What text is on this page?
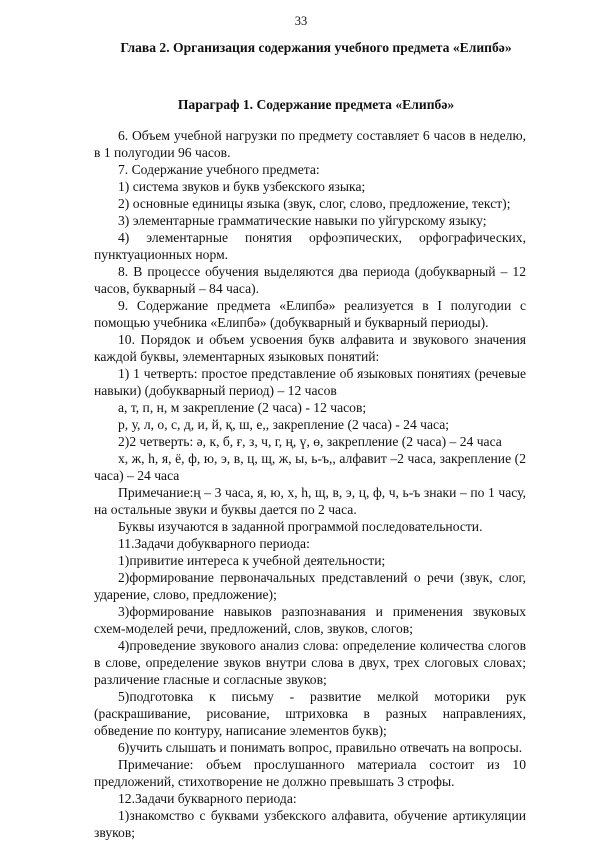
33
Глава 2. Организация содержания учебного предмета «Елипбә»
Параграф 1. Содержание предмета «Елипбә»

6. Объем учебной нагрузки по предмету составляет 6 часов в неделю, в 1 полугодии 96 часов.

7. Содержание учебного предмета:

1) система звуков и букв узбекского языка;

2) основные единицы языка (звук, слог, слово, предложение, текст);

3) элементарные грамматические навыки по уйгурскому языку;

4) элементарные понятия орфоэпических, орфографических, пунктуационных норм.

8. В процессе обучения выделяются два периода (добукварный – 12 часов, букварный – 84 часа).

9. Содержание предмета «Елипбә» реализуется в I полугодии с помощью учебника «Елипбә» (добукварный и букварный периоды).

10. Порядок и объем усвоения букв алфавита и звукового значения каждой буквы, элементарных языковых понятий:

1) 1 четверть: простое представление об языковых понятиях (речевые навыки) (добукварный период) – 12 часов

а, т, п, н, м закрепление (2 часа) - 12 часов;

р, у, л, о, с, д, и, й, қ, ш, е,, закрепление (2 часа) - 24 часа;

2)2 четверть: ә, к, б, ғ, з, ч, г, ң, ү, ө, закрепление (2 часа) – 24 часа

х, ж, һ, я, ё, ф, ю, э, в, ц, щ, ж, ы, ь-ъ,, алфавит –2 часа, закрепление (2 часа) – 24 часа

Примечание:ң – 3 часа, я, ю, х, һ, щ, в, э, ц, ф, ч, ь-ъ знаки – по 1 часу, на остальные звуки и буквы дается по 2 часа.

Буквы изучаются в заданной программой последовательности.

11.Задачи добукварного периода:

1)привитие интереса к учебной деятельности;

2)формирование первоначальных представлений о речи (звук, слог, ударение, слово, предложение);

3)формирование навыков разпознавания и применения звуковых схем-моделей речи, предложений, слов, звуков, слогов;

4)проведение звукового анализ слова: определение количества слогов в слове, определение звуков внутри слова в двух, трех слоговых словах; различение гласные и согласные звуков;

5)подготовка к письму - развитие мелкой моторики рук (раскрашивание, рисование, штриховка в разных направлениях, обведение по контуру, написание элементов букв);

6)учить слышать и понимать вопрос, правильно отвечать на вопросы.

Примечание: объем прослушанного материала состоит из 10 предложений, стихотворение не должно превышать 3 строфы.

12.Задачи букварного периода:

1)знакомство с буквами узбекского алфавита, обучение артикуляции звуков;
